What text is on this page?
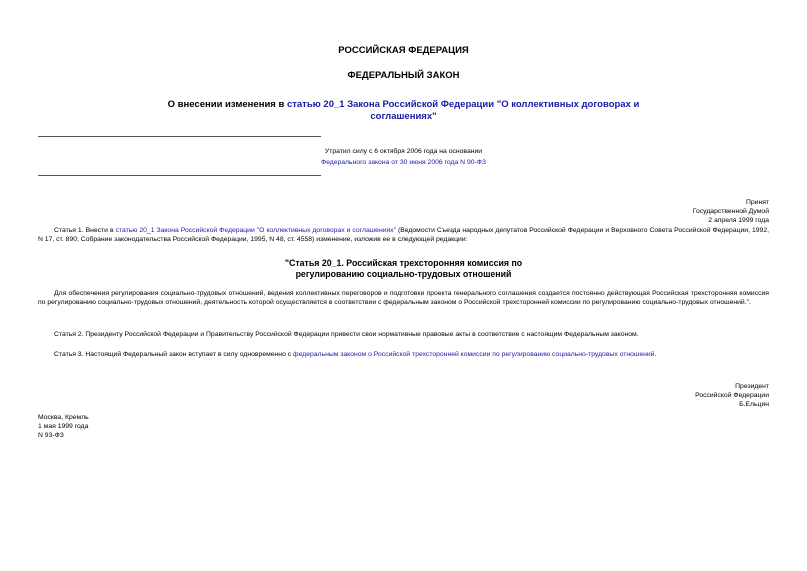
РОССИЙСКАЯ ФЕДЕРАЦИЯ
ФЕДЕРАЛЬНЫЙ ЗАКОН
О внесении изменения в статью 20_1 Закона Российской Федерации "О коллективных договорах и соглашениях"
Утратил силу с 6 октября 2006 года на основании
Федерального закона от 30 июня 2006 года N 90-ФЗ
Принят
Государственной Думой
2 апреля 1999 года
Статья 1. Внести в статью 20_1 Закона Российской Федерации "О коллективных договорах и соглашениях" (Ведомости Съезда народных депутатов Российской Федерации и Верховного Совета Российской Федерации, 1992, N 17, ст. 890; Собрание законодательства Российской Федерации, 1995, N 48, ст. 4558) изменение, изложив ее в следующей редакции:
"Статья 20_1. Российская трехсторонняя комиссия по
регулированию социально-трудовых отношений
Для обеспечения регулирования социально-трудовых отношений, ведения коллективных переговоров и подготовки проекта генерального соглашения создается постоянно действующая Российская трехсторонняя комиссия по регулированию социально-трудовых отношений, деятельность которой осуществляется в соответствии с федеральным законом о Российской трехсторонней комиссии по регулированию социально-трудовых отношений.".
Статья 2. Президенту Российской Федерации и Правительству Российской Федерации привести свои нормативные правовые акты в соответствие с настоящим Федеральным законом.
Статья 3. Настоящий Федеральный закон вступает в силу одновременно с федеральным законом о Российской трехсторонней комиссии по регулированию социально-трудовых отношений.
Президент
Российской Федерации
Б.Ельцин
Москва, Кремль
1 мая 1999 года
N 93-ФЗ
